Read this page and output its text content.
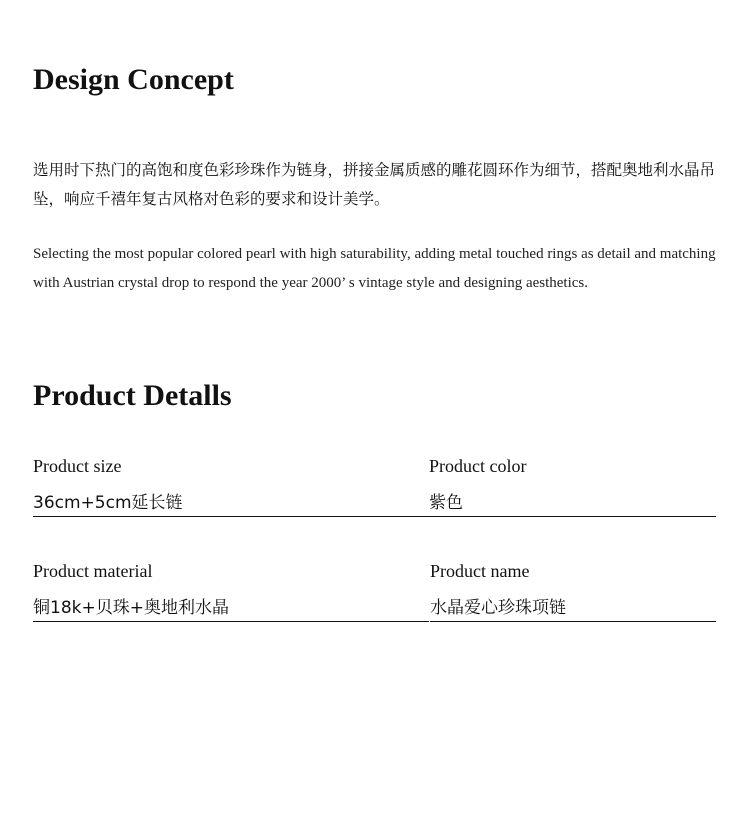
Design Concept

选用时下热门的高饱和度色彩珍珠作为链身，拼接金属质感的雕花圆环作为细节，搭配奥地利水晶吊坠，响应千禧年复古风格对色彩的要求和设计美学。

Selecting the most popular colored pearl with high saturability, adding metal touched rings as detail and matching with Austrian crystal drop to respond the year 2000’ s vintage style and designing aesthetics.

Product Detalls
Product size
36cm+5cm延长链
Product color
紫色
Product material
铜18k+贝珠+奥地利水晶
Product name
水晶爱心珍珠项链
